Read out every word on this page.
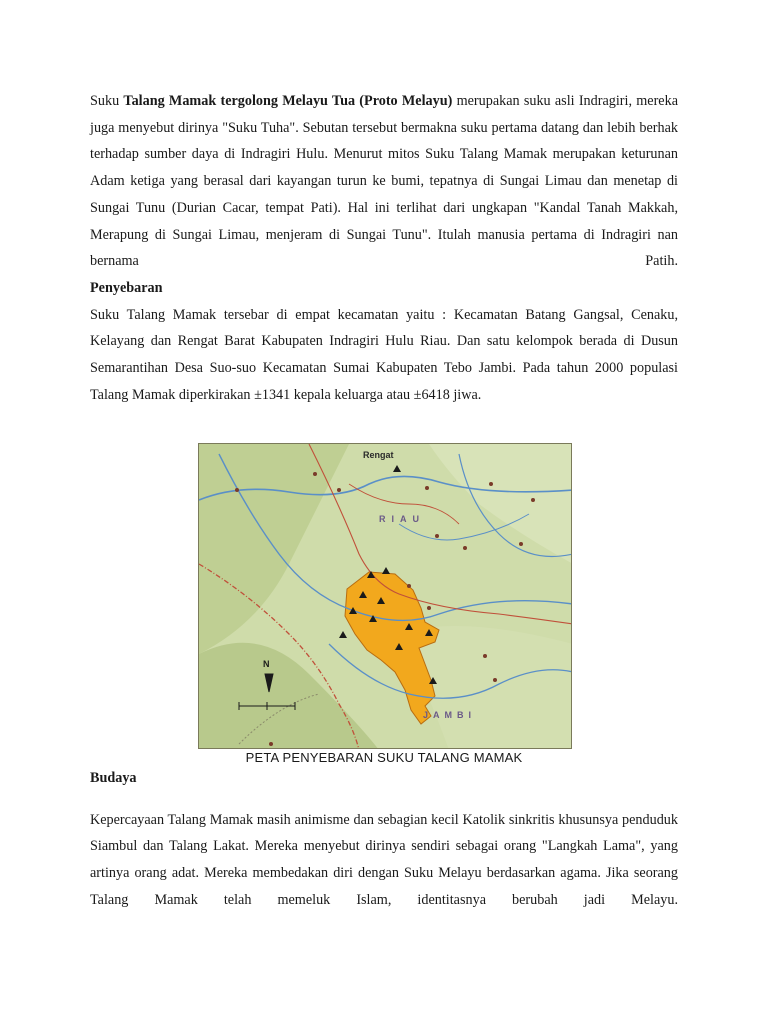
Suku Talang Mamak tergolong Melayu Tua (Proto Melayu) merupakan suku asli Indragiri, mereka juga menyebut dirinya "Suku Tuha". Sebutan tersebut bermakna suku pertama datang dan lebih berhak terhadap sumber daya di Indragiri Hulu. Menurut mitos Suku Talang Mamak merupakan keturunan Adam ketiga yang berasal dari kayangan turun ke bumi, tepatnya di Sungai Limau dan menetap di Sungai Tunu (Durian Cacar, tempat Pati). Hal ini terlihat dari ungkapan "Kandal Tanah Makkah, Merapung di Sungai Limau, menjeram di Sungai Tunu". Itulah manusia pertama di Indragiri nan bernama Patih.

Penyebaran

Suku Talang Mamak tersebar di empat kecamatan yaitu : Kecamatan Batang Gangsal, Cenaku, Kelayang dan Rengat Barat Kabupaten Indragiri Hulu Riau. Dan satu kelompok berada di Dusun Semarantihan Desa Suo-suo Kecamatan Sumai Kabupaten Tebo Jambi. Pada tahun 2000 populasi Talang Mamak diperkirakan ±1341 kepala keluarga atau ±6418 jiwa.

Rengat
RIAU
JAMBI
N
PETA PENYEBARAN SUKU TALANG MAMAK
Budaya

Kepercayaan Talang Mamak masih animisme dan sebagian kecil Katolik sinkritis khusunsya penduduk Siambul dan Talang Lakat. Mereka menyebut dirinya sendiri sebagai orang "Langkah Lama", yang artinya orang adat. Mereka membedakan diri dengan Suku Melayu berdasarkan agama. Jika seorang Talang Mamak telah memeluk Islam, identitasnya berubah jadi Melayu.
